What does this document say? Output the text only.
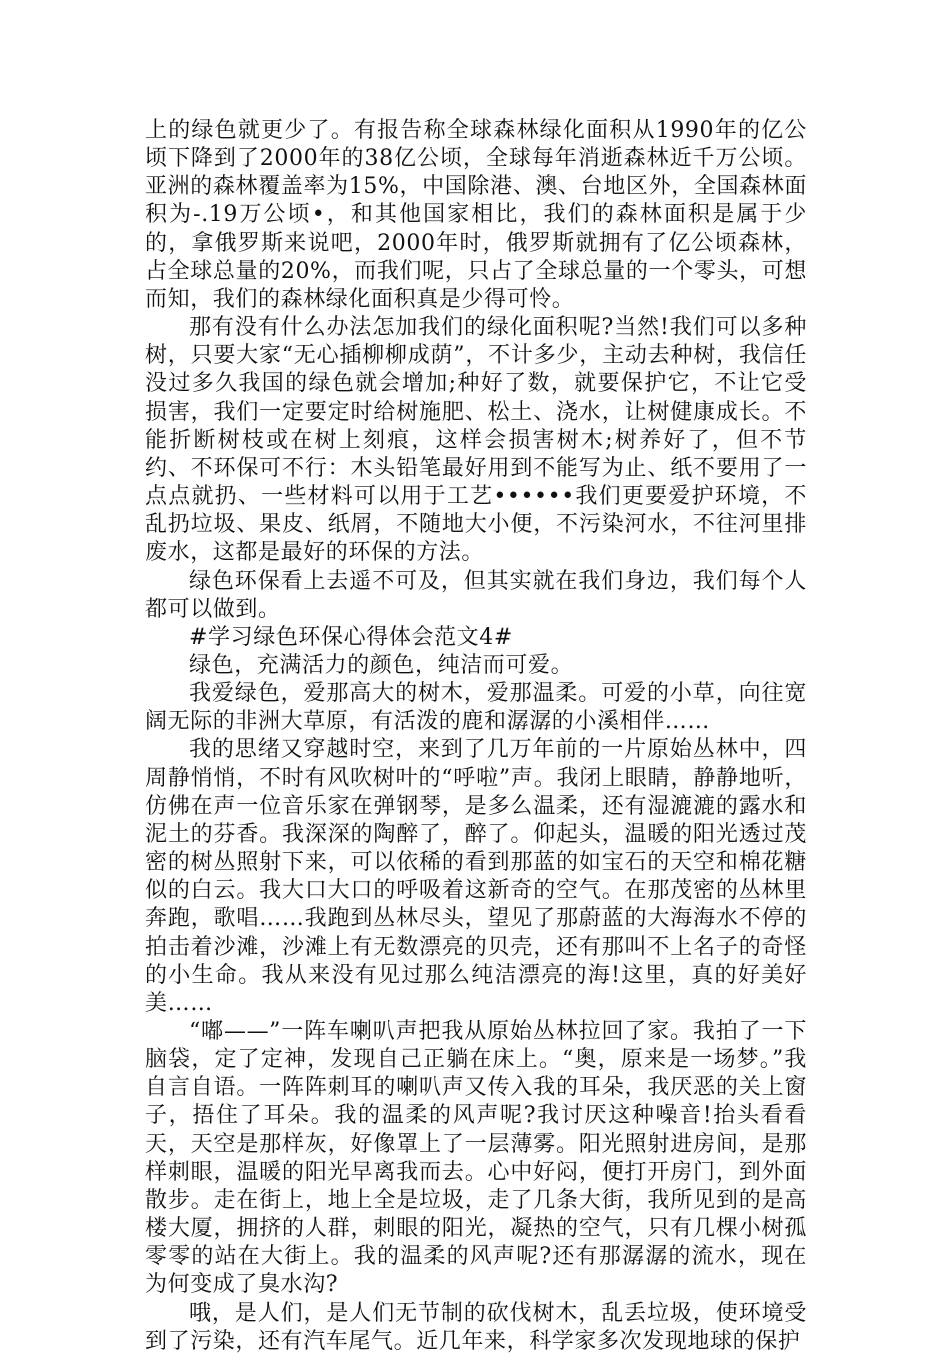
上的绿色就更少了。有报告称全球森林绿化面积从1990年的亿公顷下降到了2000年的38亿公顷，全球每年消逝森林近千万公顷。亚洲的森林覆盖率为15%，中国除港、澳、台地区外，全国森林面积为-.19万公顷•，和其他国家相比，我们的森林面积是属于少的，拿俄罗斯来说吧，2000年时，俄罗斯就拥有了亿公顷森林，占全球总量的20%，而我们呢，只占了全球总量的一个零头，可想而知，我们的森林绿化面积真是少得可怜。

那有没有什么办法怎加我们的绿化面积呢?当然!我们可以多种树，只要大家“无心插柳柳成荫”，不计多少，主动去种树，我信任没过多久我国的绿色就会增加;种好了数，就要保护它，不让它受损害，我们一定要定时给树施肥、松土、浇水，让树健康成长。不能折断树枝或在树上刻痕，这样会损害树木;树养好了，但不节约、不环保可不行：木头铅笔最好用到不能写为止、纸不要用了一点点就扔、一些材料可以用于工艺••••••我们更要爱护环境，不乱扔垃圾、果皮、纸屑，不随地大小便，不污染河水，不往河里排废水，这都是最好的环保的方法。

绿色环保看上去遥不可及，但其实就在我们身边，我们每个人都可以做到。

#学习绿色环保心得体会范文4#

绿色，充满活力的颜色，纯洁而可爱。

我爱绿色，爱那高大的树木，爱那温柔。可爱的小草，向往宽阔无际的非洲大草原，有活泼的鹿和潺潺的小溪相伴……

我的思绪又穿越时空，来到了几万年前的一片原始丛林中，四周静悄悄，不时有风吹树叶的“呼啦”声。我闭上眼睛，静静地听，仿佛在声一位音乐家在弹钢琴，是多么温柔，还有湿漉漉的露水和泥土的芬香。我深深的陶醉了，醉了。仰起头，温暖的阳光透过茂密的树丛照射下来，可以依稀的看到那蓝的如宝石的天空和棉花糖似的白云。我大口大口的呼吸着这新奇的空气。在那茂密的丛林里奔跑，歌唱……我跑到丛林尽头，望见了那蔚蓝的大海海水不停的拍击着沙滩，沙滩上有无数漂亮的贝壳，还有那叫不上名子的奇怪的小生命。我从来没有见过那么纯洁漂亮的海!这里，真的好美好美……

“嘟——”一阵车喇叭声把我从原始丛林拉回了家。我拍了一下脑袋，定了定神，发现自己正躺在床上。“奥，原来是一场梦。”我自言自语。一阵阵刺耳的喇叭声又传入我的耳朵，我厌恶的关上窗子，捂住了耳朵。我的温柔的风声呢?我讨厌这种噪音!抬头看看天，天空是那样灰，好像罩上了一层薄雾。阳光照射进房间，是那样刺眼，温暖的阳光早离我而去。心中好闷，便打开房门，到外面散步。走在街上，地上全是垃圾，走了几条大街，我所见到的是高楼大厦，拥挤的人群，刺眼的阳光，凝热的空气，只有几棵小树孤零零的站在大街上。我的温柔的风声呢?还有那潺潺的流水，现在为何变成了臭水沟?

哦，是人们，是人们无节制的砍伐树木，乱丢垃圾，使环境受到了污染，还有汽车尾气。近几年来，科学家多次发现地球的保护
